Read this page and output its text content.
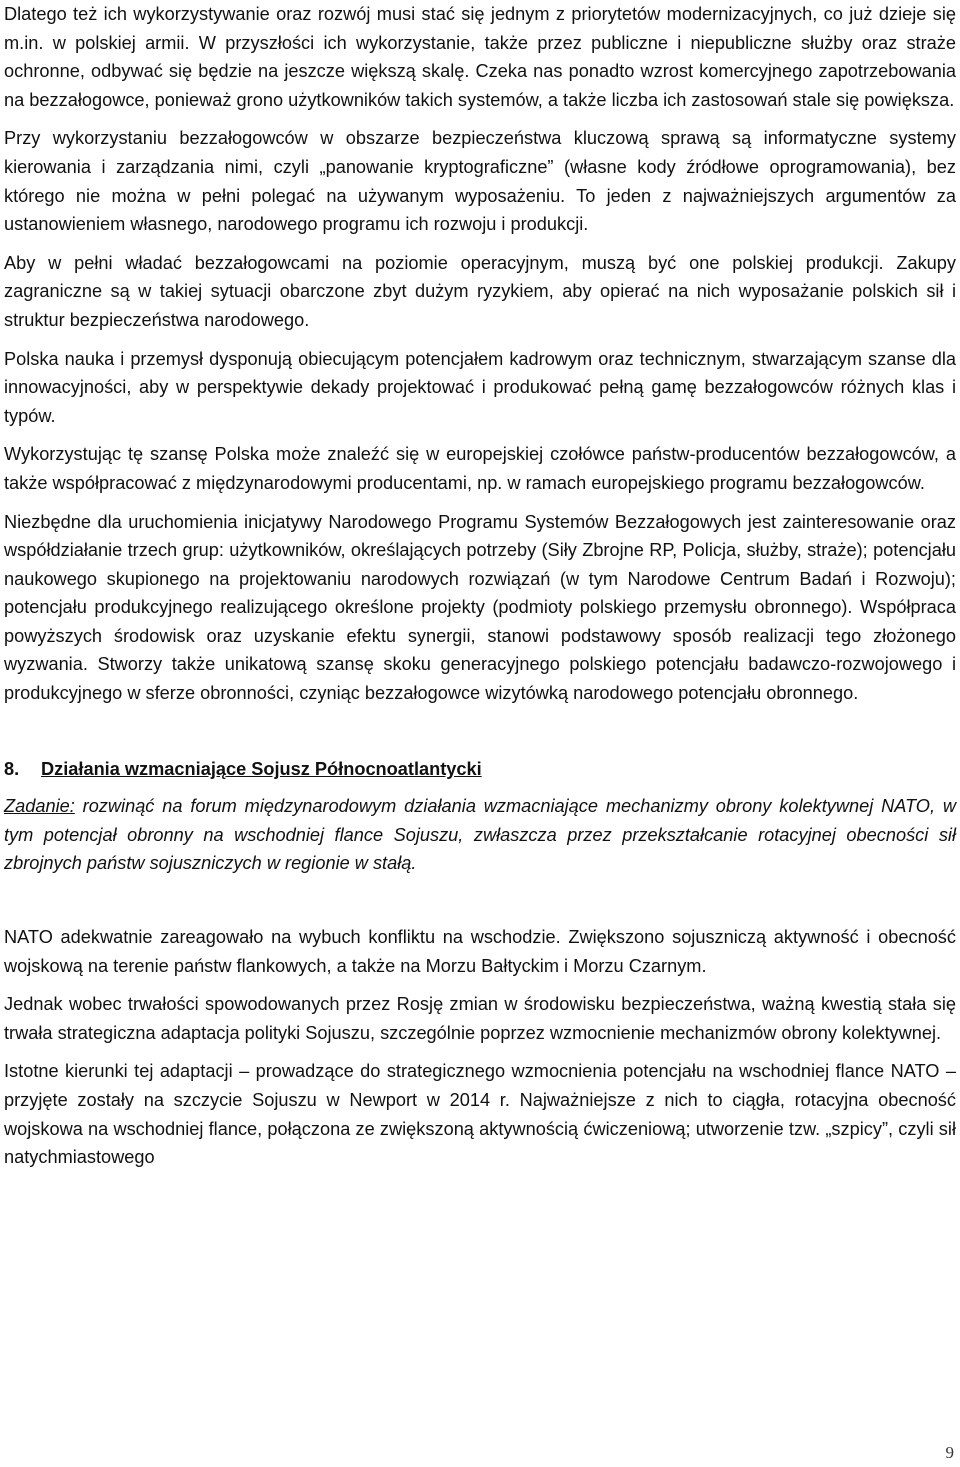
Dlatego też ich wykorzystywanie oraz rozwój musi stać się jednym z priorytetów modernizacyjnych, co już dzieje się m.in. w polskiej armii. W przyszłości ich wykorzystanie, także przez publiczne i niepubliczne służby oraz straże ochronne, odbywać się będzie na jeszcze większą skalę. Czeka nas ponadto wzrost komercyjnego zapotrzebowania na bezzałogowce, ponieważ grono użytkowników takich systemów, a także liczba ich zastosowań stale się powiększa.

Przy wykorzystaniu bezzałogowców w obszarze bezpieczeństwa kluczową sprawą są informatyczne systemy kierowania i zarządzania nimi, czyli „panowanie kryptograficzne” (własne kody źródłowe oprogramowania), bez którego nie można w pełni polegać na używanym wyposażeniu. To jeden z najważniejszych argumentów za ustanowieniem własnego, narodowego programu ich rozwoju i produkcji.

Aby w pełni władać bezzałogowcami na poziomie operacyjnym, muszą być one polskiej produkcji. Zakupy zagraniczne są w takiej sytuacji obarczone zbyt dużym ryzykiem, aby opierać na nich wyposażanie polskich sił i struktur bezpieczeństwa narodowego.

Polska nauka i przemysł dysponują obiecującym potencjałem kadrowym oraz technicznym, stwarzającym szanse dla innowacyjności, aby w perspektywie dekady projektować i produkować pełną gamę bezzałogowców różnych klas i typów.

Wykorzystując tę szansę Polska może znaleźć się w europejskiej czołówce państw-producentów bezzałogowców, a także współpracować z międzynarodowymi producentami, np. w ramach europejskiego programu bezzałogowców.

Niezbędne dla uruchomienia inicjatywy Narodowego Programu Systemów Bezzałogowych jest zainteresowanie oraz współdziałanie trzech grup: użytkowników, określających potrzeby (Siły Zbrojne RP, Policja, służby, straże); potencjału naukowego skupionego na projektowaniu narodowych rozwiązań (w tym Narodowe Centrum Badań i Rozwoju); potencjału produkcyjnego realizującego określone projekty (podmioty polskiego przemysłu obronnego). Współpraca powyższych środowisk oraz uzyskanie efektu synergii, stanowi podstawowy sposób realizacji tego złożonego wyzwania. Stworzy także unikatową szansę skoku generacyjnego polskiego potencjału badawczo-rozwojowego i produkcyjnego w sferze obronności, czyniąc bezzałogowce wizytówką narodowego potencjału obronnego.

8. Działania wzmacniające Sojusz Północnoatlantycki

Zadanie: rozwinąć na forum międzynarodowym działania wzmacniające mechanizmy obrony kolektywnej NATO, w tym potencjał obronny na wschodniej flance Sojuszu, zwłaszcza przez przekształcanie rotacyjnej obecności sił zbrojnych państw sojuszniczych w regionie w stałą.

NATO adekwatnie zareagowało na wybuch konfliktu na wschodzie. Zwiększono sojuszniczą aktywność i obecność wojskową na terenie państw flankowych, a także na Morzu Bałtyckim i Morzu Czarnym.

Jednak wobec trwałości spowodowanych przez Rosję zmian w środowisku bezpieczeństwa, ważną kwestią stała się trwała strategiczna adaptacja polityki Sojuszu, szczególnie poprzez wzmocnienie mechanizmów obrony kolektywnej.

Istotne kierunki tej adaptacji – prowadzące do strategicznego wzmocnienia potencjału na wschodniej flance NATO – przyjęte zostały na szczycie Sojuszu w Newport w 2014 r. Najważniejsze z nich to ciągła, rotacyjna obecność wojskowa na wschodniej flance, połączona ze zwiększoną aktywnością ćwiczeniową; utworzenie tzw. „szpicy”, czyli sił natychmiastowego

9
